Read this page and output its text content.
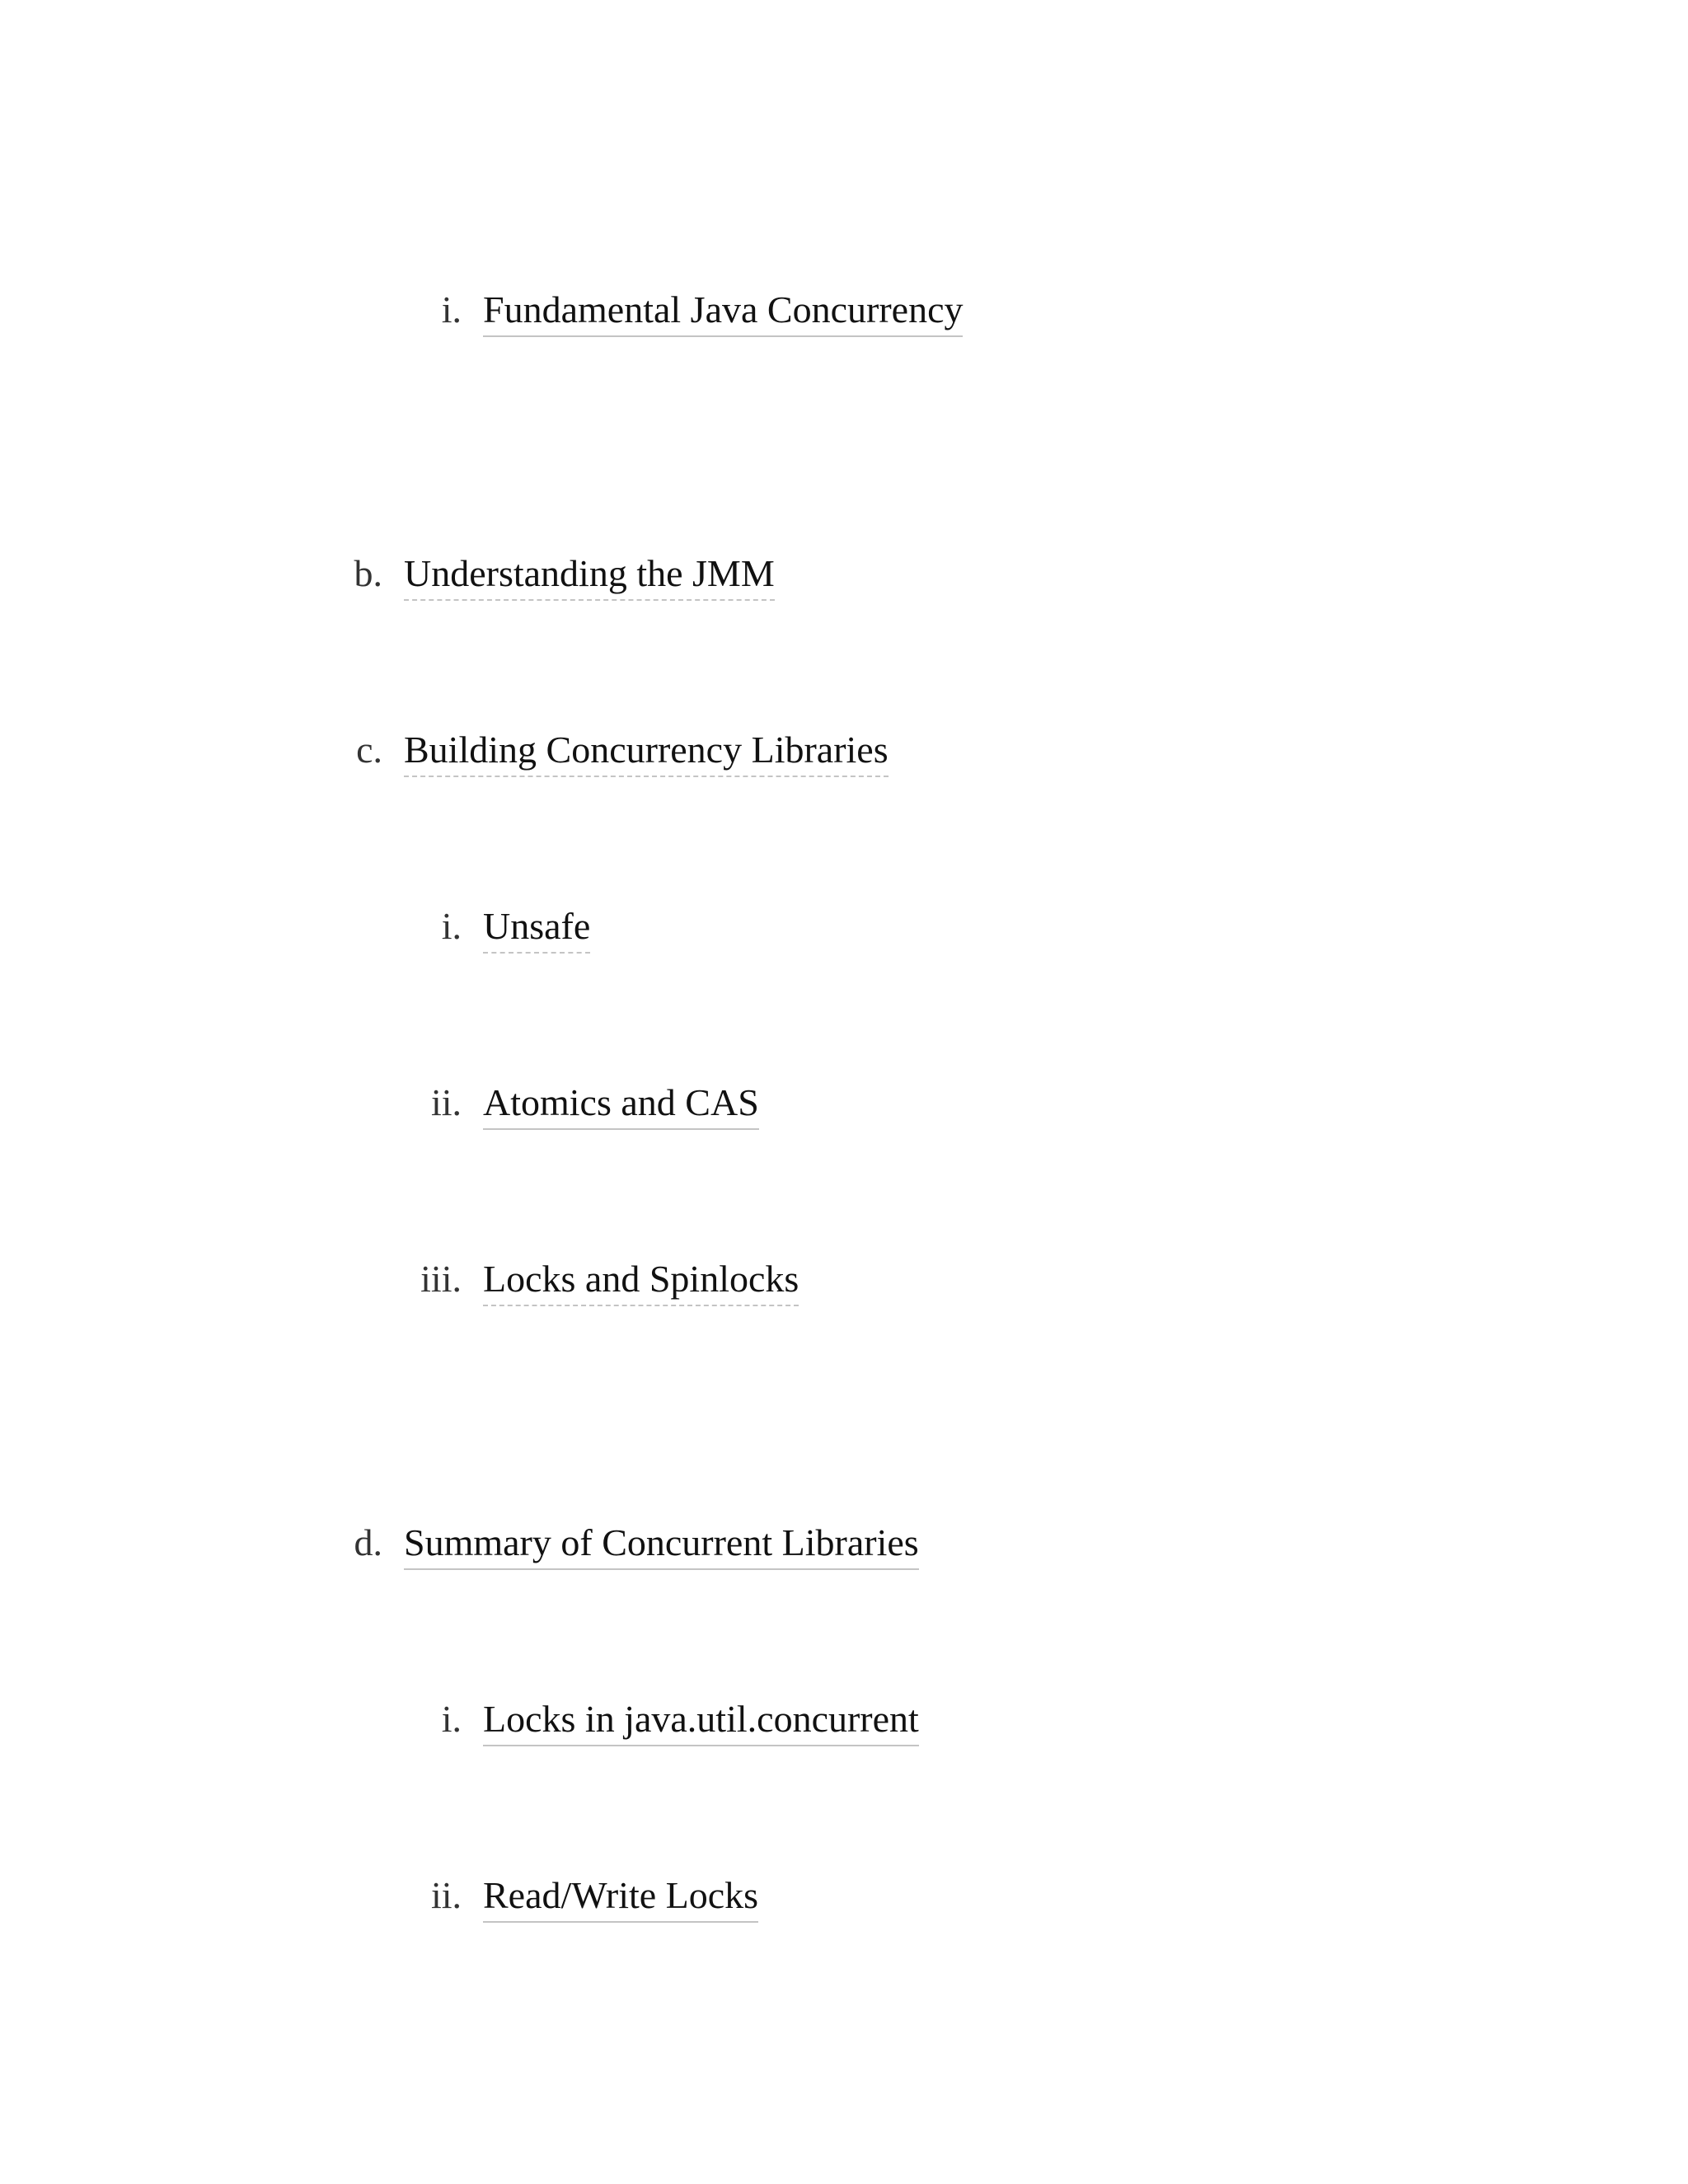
i. Fundamental Java Concurrency
b. Understanding the JMM
c. Building Concurrency Libraries
i. Unsafe
ii. Atomics and CAS
iii. Locks and Spinlocks
d. Summary of Concurrent Libraries
i. Locks in java.util.concurrent
ii. Read/Write Locks
